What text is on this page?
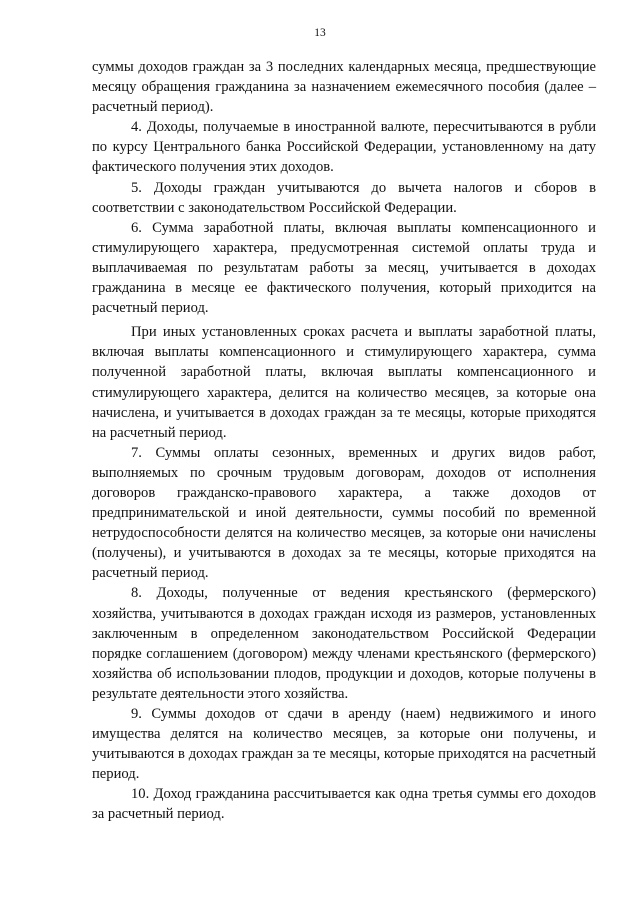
13

суммы доходов граждан за 3 последних календарных месяца, предшествующие месяцу обращения гражданина за назначением ежемесячного пособия (далее – расчетный период).

4. Доходы, получаемые в иностранной валюте, пересчитываются в рубли по курсу Центрального банка Российской Федерации, установленному на дату фактического получения этих доходов.

5. Доходы граждан учитываются до вычета налогов и сборов в соответствии с законодательством Российской Федерации.

6. Сумма заработной платы, включая выплаты компенсационного и стимулирующего характера, предусмотренная системой оплаты труда и выплачиваемая по результатам работы за месяц, учитывается в доходах гражданина в месяце ее фактического получения, который приходится на расчетный период.

При иных установленных сроках расчета и выплаты заработной платы, включая выплаты компенсационного и стимулирующего характера, сумма полученной заработной платы, включая выплаты компенсационного и стимулирующего характера, делится на количество месяцев, за которые она начислена, и учитывается в доходах граждан за те месяцы, которые приходятся на расчетный период.

7. Суммы оплаты сезонных, временных и других видов работ, выполняемых по срочным трудовым договорам, доходов от исполнения договоров гражданско-правового характера, а также доходов от предпринимательской и иной деятельности, суммы пособий по временной нетрудоспособности делятся на количество месяцев, за которые они начислены (получены), и учитываются в доходах за те месяцы, которые приходятся на расчетный период.

8. Доходы, полученные от ведения крестьянского (фермерского) хозяйства, учитываются в доходах граждан исходя из размеров, установленных заключенным в определенном законодательством Российской Федерации порядке соглашением (договором) между членами крестьянского (фермерского) хозяйства об использовании плодов, продукции и доходов, которые получены в результате деятельности этого хозяйства.

9. Суммы доходов от сдачи в аренду (наем) недвижимого и иного имущества делятся на количество месяцев, за которые они получены, и учитываются в доходах граждан за те месяцы, которые приходятся на расчетный период.

10. Доход гражданина рассчитывается как одна третья суммы его доходов за расчетный период.
